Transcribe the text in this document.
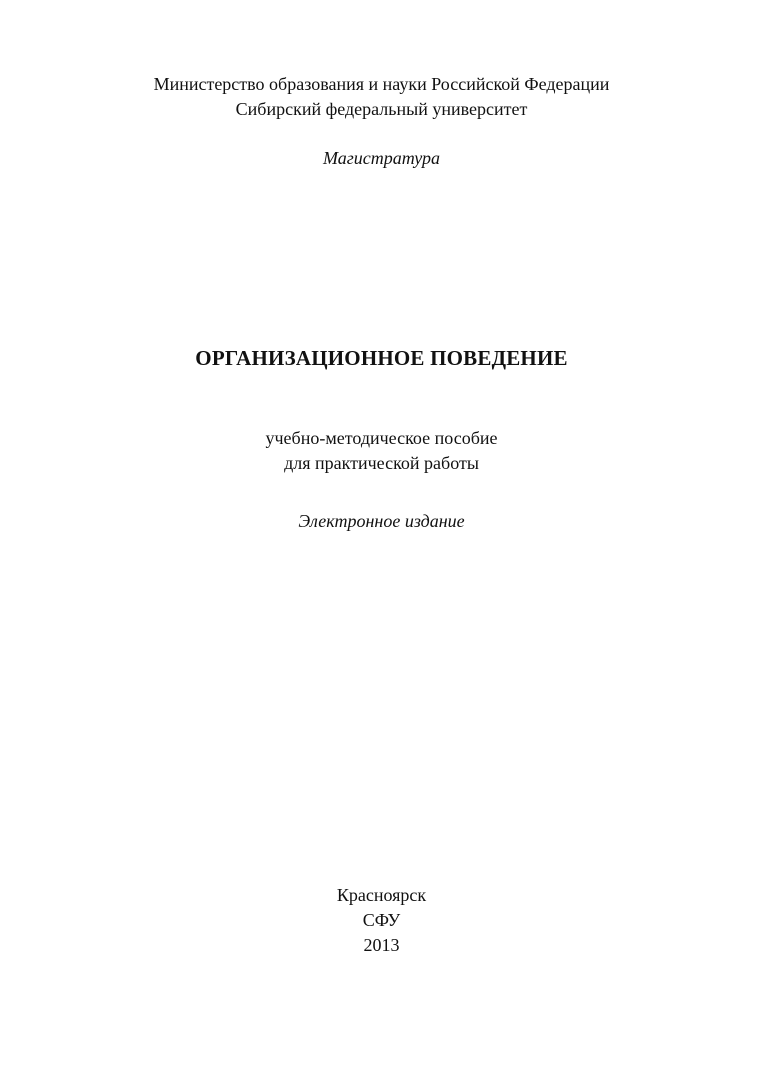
Министерство образования и науки Российской Федерации
Сибирский федеральный университет
Магистратура
ОРГАНИЗАЦИОННОЕ ПОВЕДЕНИЕ
учебно-методическое пособие
для практической работы
Электронное издание
Красноярск
СФУ
2013
